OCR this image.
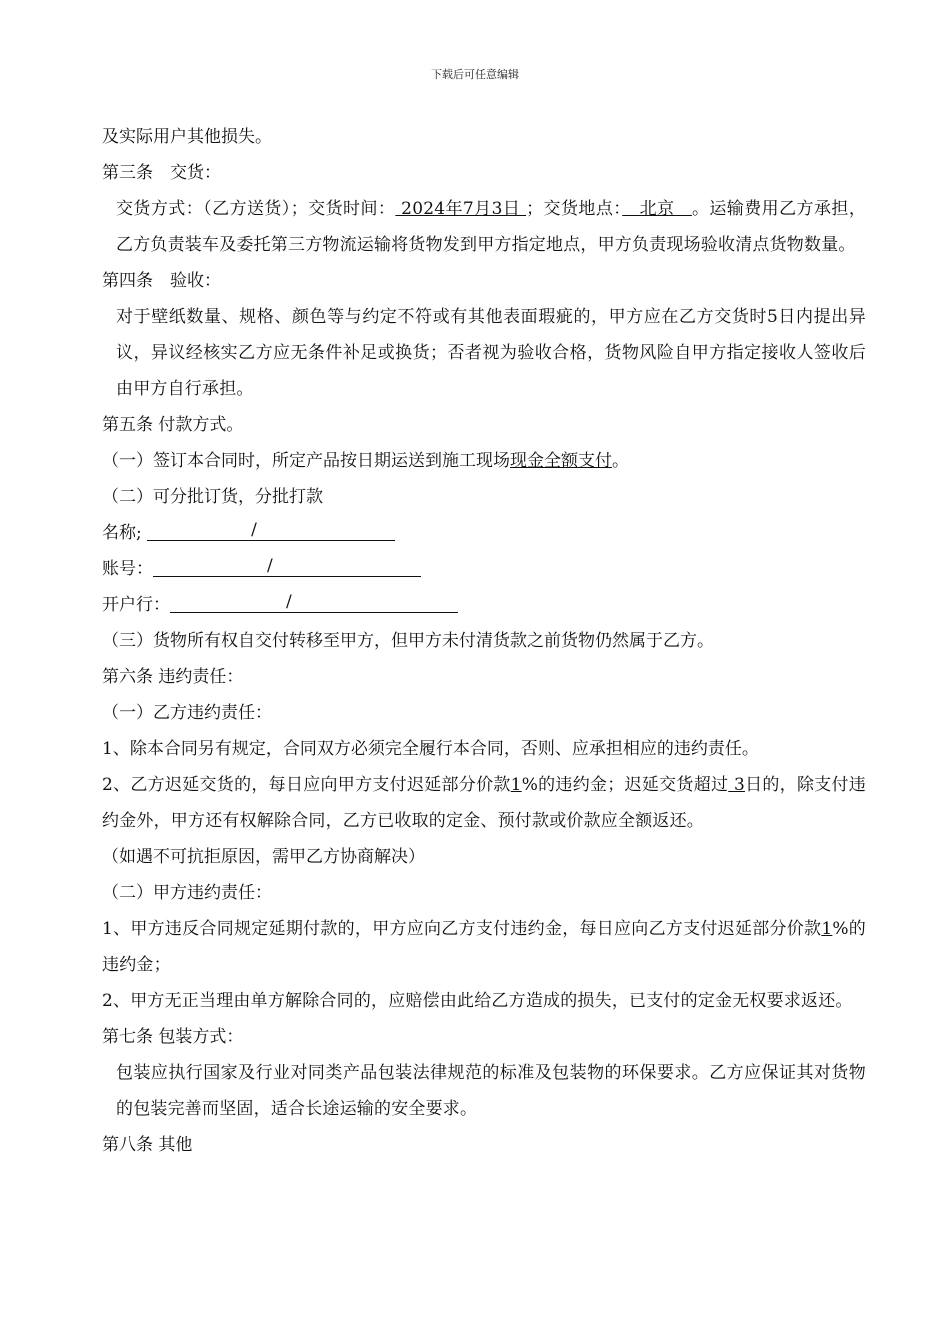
下载后可任意编辑
及实际用户其他损失。
第三条　交货：
交货方式：（乙方送货）；交货时间： 2024年7月3日 ；交货地点：　北京　。运输费用乙方承担，乙方负责装车及委托第三方物流运输将货物发到甲方指定地点，甲方负责现场验收清点货物数量。
第四条　验收：
对于壁纸数量、规格、颜色等与约定不符或有其他表面瑕疵的，甲方应在乙方交货时5日内提出异议，异议经核实乙方应无条件补足或换货；否者视为验收合格，货物风险自甲方指定接收人签收后由甲方自行承担。
第五条 付款方式。
（一）签订本合同时，所定产品按日期运送到施工现场现金全额支付。
（二）可分批订货，分批打款
名称;	/
账号：	/
开户行：	/
（三）货物所有权自交付转移至甲方，但甲方未付清货款之前货物仍然属于乙方。
第六条 违约责任：
（一）乙方违约责任：
1、除本合同另有规定，合同双方必须完全履行本合同，否则、应承担相应的违约责任。
2、乙方迟延交货的，每日应向甲方支付迟延部分价款1%的违约金；迟延交货超过 3日的，除支付违约金外，甲方还有权解除合同，乙方已收取的定金、预付款或价款应全额返还。
（如遇不可抗拒原因，需甲乙方协商解决）
（二）甲方违约责任：
1、甲方违反合同规定延期付款的，甲方应向乙方支付违约金，每日应向乙方支付迟延部分价款1%的违约金；
2、甲方无正当理由单方解除合同的，应赔偿由此给乙方造成的损失，已支付的定金无权要求返还。
第七条 包装方式：
包装应执行国家及行业对同类产品包装法律规范的标准及包装物的环保要求。乙方应保证其对货物的包装完善而坚固，适合长途运输的安全要求。
第八条 其他
